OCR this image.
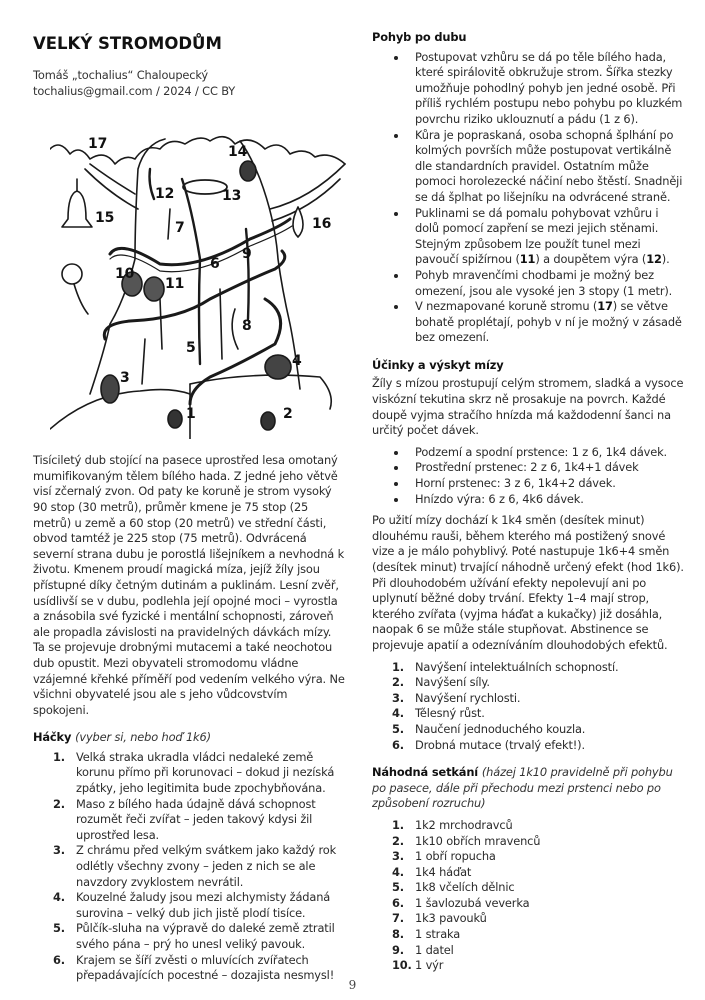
VELKÝ STROMODŮM

Tomáš „tochalius“ Chaloupecký

tochalius@gmail.com / 2024 / CC BY

17	14
12	13
15
7	16
9
6
10
11
8
5
4
3
1	2

Tisíciletý dub stojící na pasece uprostřed lesa omotaný mumifikovaným tělem bílého hada. Z jedné jeho větvě visí zčernalý zvon. Od paty ke koruně je strom vysoký 90 stop (30 metrů), průměr kmene je 75 stop (25 metrů) u země a 60 stop (20 metrů) ve střední části, obvod tamtéž je 225 stop (75 metrů). Odvrácená severní strana dubu je porostlá lišejníkem a nevhodná k životu. Kmenem proudí magická míza, jejíž žíly jsou přístupné díky četným dutinám a puklinám. Lesní zvěř, usídlivší se v dubu, podlehla její opojné moci – vyrostla a znásobila své fyzické i mentální schopnosti, zároveň ale propadla závislosti na pravidelných dávkách mízy. Ta se projevuje drobnými mutacemi a také neochotou dub opustit. Mezi obyvateli stromodomu vládne vzájemné křehké příměří pod vedením velkého výra. Ne všichni obyvatelé jsou ale s jeho vůdcovstvím spokojeni.

Háčky (vyber si, nebo hoď 1k6)

1. Velká straka ukradla vládci nedaleké země korunu přímo při korunovaci – dokud ji nezíská zpátky, jeho legitimita bude zpochybňována.
2. Maso z bílého hada údajně dává schopnost rozumět řeči zvířat – jeden takový kdysi žil uprostřed lesa.
3. Z chrámu před velkým svátkem jako každý rok odlétly všechny zvony – jeden z nich se ale navzdory zvyklostem nevrátil.
4. Kouzelné žaludy jsou mezi alchymisty žádaná surovina – velký dub jich jistě plodí tisíce.
5. Půlčík-sluha na výpravě do daleké země ztratil svého pána – prý ho unesl veliký pavouk.
6. Krajem se šíří zvěsti o mluvících zvířatech přepadávajících pocestné – dozajista nesmysl!

Pohyb po dubu

Postupovat vzhůru se dá po těle bílého hada, které spirálovitě obkružuje strom. Šířka stezky umožňuje pohodlný pohyb jen jedné osobě. Při příliš rychlém postupu nebo pohybu po kluzkém povrchu riziko uklouznutí a pádu (1 z 6).
Kůra je popraskaná, osoba schopná šplhání po kolmých površích může postupovat vertikálně dle standardních pravidel. Ostatním může pomoci horolezecké náčiní nebo štěstí. Snadněji se dá šplhat po lišejníku na odvrácené straně.
Puklinami se dá pomalu pohybovat vzhůru i dolů pomocí zapření se mezi jejich stěnami. Stejným způsobem lze použít tunel mezi pavoučí spižírnou (11) a doupětem výra (12).
Pohyb mravenčími chodbami je možný bez omezení, jsou ale vysoké jen 3 stopy (1 metr).
V nezmapované koruně stromu (17) se větve bohatě proplétají, pohyb v ní je možný v zásadě bez omezení.

Účinky a výskyt mízy

Žíly s mízou prostupují celým stromem, sladká a vysoce viskózní tekutina skrz ně prosakuje na povrch. Každé doupě vyjma stračího hnízda má každodenní šanci na určitý počet dávek.

Podzemí a spodní prstence: 1 z 6, 1k4 dávek.
Prostřední prstenec: 2 z 6, 1k4+1 dávek
Horní prstenec: 3 z 6, 1k4+2 dávek.
Hnízdo výra: 6 z 6, 4k6 dávek.

Po užití mízy dochází k 1k4 směn (desítek minut) dlouhému rauši, během kterého má postižený snové vize a je málo pohyblivý. Poté nastupuje 1k6+4 směn (desítek minut) trvající náhodně určený efekt (hod 1k6). Při dlouhodobém užívání efekty nepolevují ani po uplynutí běžné doby trvání. Efekty 1–4 mají strop, kterého zvířata (vyjma háďat a kukačky) již dosáhla, naopak 6 se může stále stupňovat. Abstinence se projevuje apatií a odezníváním dlouhodobých efektů.

1. Navýšení intelektuálních schopností.
2. Navýšení síly.
3. Navýšení rychlosti.
4. Tělesný růst.
5. Naučení jednoduchého kouzla.
6. Drobná mutace (trvalý efekt!).

Náhodná setkání (házej 1k10 pravidelně při pohybu po pasece, dále při přechodu mezi prstenci nebo po způsobení rozruchu)

1. 1k2 mrchodravců
2. 1k10 obřích mravenců
3. 1 obří ropucha
4. 1k4 háďat
5. 1k8 včelích dělnic
6. 1 šavlozubá veverka
7. 1k3 pavouků
8. 1 straka
9. 1 datel
10. 1 výr
9
